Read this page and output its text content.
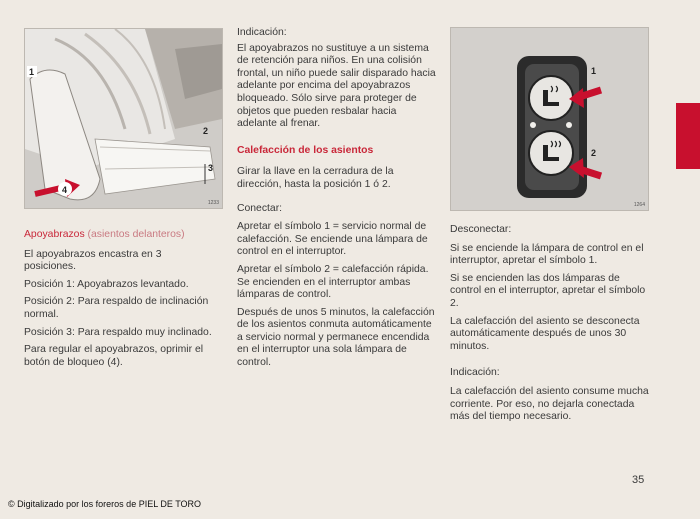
1
2
3
4
1233

Apoyabrazos (asientos delanteros)

El apoyabrazos encastra en 3 posiciones.

Posición 1: Apoyabrazos levantado.

Posición 2: Para respaldo de inclinación normal.

Posición 3: Para respaldo muy inclinado.

Para regular el apoyabrazos, oprimir el botón de bloqueo (4).

Indicación:

El apoyabrazos no sustituye a un sistema de retención para niños. En una colisión frontal, un niño puede salir disparado hacia adelante por encima del apoyabrazos bloqueado. Sólo sirve para proteger de objetos que pueden resbalar hacia adelante al frenar.

Calefacción de los asientos

Girar la llave en la cerradura de la dirección, hasta la posición 1 ó 2.

Conectar:

Apretar el símbolo 1 = servicio normal de calefacción. Se enciende una lámpara de control en el interruptor.

Apretar el símbolo 2 = calefacción rápida. Se encienden en el interruptor ambas lámparas de control.

Después de unos 5 minutos, la calefacción de los asientos conmuta automáticamente a servicio normal y permanece encendida en el interruptor una sola lámpara de control.

1
2
1264

Desconectar:

Si se enciende la lámpara de control en el interruptor, apretar el símbolo 1.

Si se encienden las dos lámparas de control en el interruptor, apretar el símbolo 2.

La calefacción del asiento se desconecta automáticamente después de unos 30 minutos.

Indicación:

La calefacción del asiento consume mucha corriente. Por eso, no dejarla conectada más del tiempo necesario.

35
© Digitalizado por los foreros de PIEL DE TORO
